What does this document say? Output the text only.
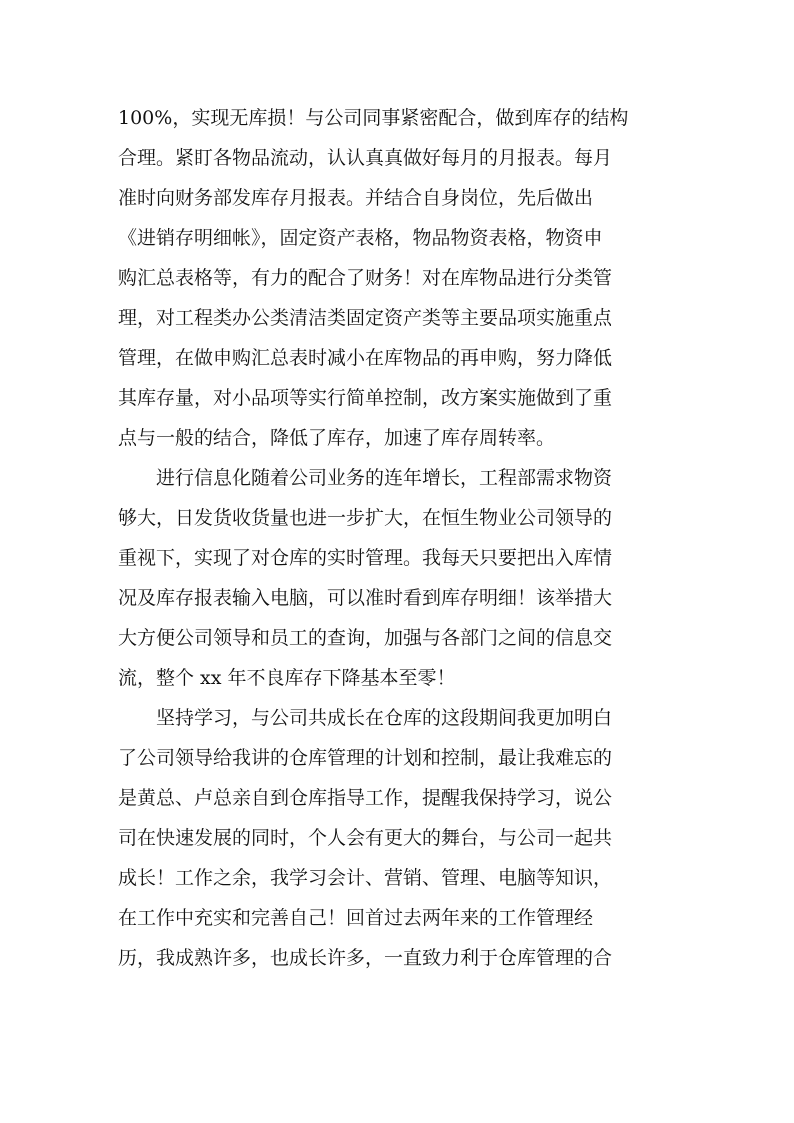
100%，实现无库损！与公司同事紧密配合，做到库存的结构
合理。紧盯各物品流动，认认真真做好每月的月报表。每月
准时向财务部发库存月报表。并结合自身岗位，先后做出
《进销存明细帐》，固定资产表格，物品物资表格，物资申
购汇总表格等，有力的配合了财务！对在库物品进行分类管
理，对工程类办公类清洁类固定资产类等主要品项实施重点
管理，在做申购汇总表时减小在库物品的再申购，努力降低
其库存量，对小品项等实行简单控制，改方案实施做到了重
点与一般的结合，降低了库存，加速了库存周转率。
进行信息化随着公司业务的连年增长，工程部需求物资
够大，日发货收货量也进一步扩大，在恒生物业公司领导的
重视下，实现了对仓库的实时管理。我每天只要把出入库情
况及库存报表输入电脑，可以准时看到库存明细！该举措大
大方便公司领导和员工的查询，加强与各部门之间的信息交
流，整个 xx 年不良库存下降基本至零！
坚持学习，与公司共成长在仓库的这段期间我更加明白
了公司领导给我讲的仓库管理的计划和控制，最让我难忘的
是黄总、卢总亲自到仓库指导工作，提醒我保持学习，说公
司在快速发展的同时，个人会有更大的舞台，与公司一起共
成长！工作之余，我学习会计、营销、管理、电脑等知识，
在工作中充实和完善自己！回首过去两年来的工作管理经
历，我成熟许多，也成长许多，一直致力利于仓库管理的合
